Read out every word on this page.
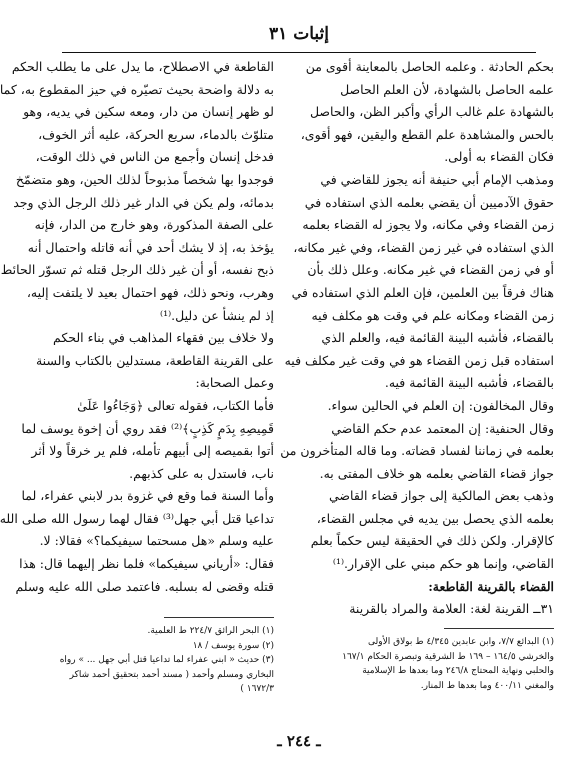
إثبات ٣١
بحكم الحادثة . وعلمه الحاصل بالمعاينة أقوى من
علمه الحاصل بالشهادة، لأن العلم الحاصل
بالشهادة علم غالب الرأي وأكبر الظن، والحاصل
بالحس والمشاهدة علم القطع واليقين، فهو أقوى،
فكان القضاء به أولى.
ومذهب الإمام أبي حنيفة أنه يجوز للقاضي في
حقوق الآدميين أن يقضي بعلمه الذي استفاده في
زمن القضاء وفي مكانه، ولا يجوز له القضاء بعلمه
الذي استفاده في غير زمن القضاء، وفي غير مكانه،
أو في زمن القضاء في غير مكانه. وعلل ذلك بأن
هناك فرقاً بين العلمين، فإن العلم الذي استفاده في
زمن القضاء ومكانه علم في وقت هو مكلف فيه
بالقضاء، فأشبه البينة القائمة فيه، والعلم الذي
استفاده قبل زمن القضاء هو في وقت غير مكلف فيه
بالقضاء، فأشبه البينة القائمة فيه.
وقال المخالفون: إن العلم في الحالين سواء.
وقال الحنفية: إن المعتمد عدم حكم القاضي
بعلمه في زماننا لفساد قضاته. وما قاله المتأخرون من
جواز قضاء القاضي بعلمه هو خلاف المفتى به.
وذهب بعض المالكية إلى جواز قضاء القاضي
بعلمه الذي يحصل بين يديه في مجلس القضاء،
كالإقرار. ولكن ذلك في الحقيقة ليس حكماً بعلم
القاضي، وإنما هو حكم مبني على الإقرار.⁽¹⁾
القضاء بالقرينة القاطعة:
٣١ــ القرينة لغة: العلامة والمراد بالقرينة
(١) البدائع ٧/٧، وابن عابدين ٤/٣٤٥ ط بولاق الأولى
والخرشي ١٦٤/٥ – ١٦٩ ط الشرقية وتبصرة الحكام ١٦٧/١
والحلبي ونهاية المحتاج ٢٤٦/٨ وما بعدها ط الإسلامية
والمغني ٤٠٠/١١ وما بعدها ط المنار.
القاطعة في الاصطلاح، ما يدل على ما يطلب الحكم
به دلالة واضحة بحيث تصيّره في حيز المقطوع به، كما
لو ظهر إنسان من دار، ومعه سكين في يديه، وهو
متلوّث بالدماء، سريع الحركة، عليه أثر الخوف،
فدخل إنسان وأجمع من الناس في ذلك الوقت،
فوجدوا بها شخصاً مذبوحاً لذلك الحين، وهو متضمّخ
بدمائه، ولم يكن في الدار غير ذلك الرجل الذي وجد
على الصفة المذكورة، وهو خارج من الدار، فإنه
يؤخذ به، إذ لا يشك أحد في أنه قاتله واحتمال أنه
ذبح نفسه، أو أن غير ذلك الرجل قتله ثم تسوّر الحائط
وهرب، ونحو ذلك، فهو احتمال بعيد لا يلتفت إليه،
إذ لم ينشأ عن دليل.⁽¹⁾
ولا خلاف بين فقهاء المذاهب في بناء الحكم
على القرينة القاطعة، مستدلين بالكتاب والسنة
وعمل الصحابة:
فأما الكتاب، فقوله تعالى ﴿وَجَاءُوا عَلَىٰ
قَمِيصِهِ بِدَمٍ كَذِبٍ﴾⁽²⁾ فقد روي أن إخوة يوسف لما
أتوا بقميصه إلى أبيهم تأمله، فلم ير خرقاً ولا أثر
ناب، فاستدل به على كذبهم.
وأما السنة فما وقع في غزوة بدر لابني عفراء، لما
تداعيا قتل أبي جهل⁽³⁾ فقال لهما رسول الله صلى الله
عليه وسلم «هل مسحتما سيفيكما؟» فقالا: لا.
فقال: «أرياني سيفيكما» فلما نظر إليهما قال: هذا
قتله وقضى له بسلبه. فاعتمد صلى الله عليه وسلم
(١) البحر الرائق ٢٢٤/٧ ط العلمية.
(٢) سورة يوسف / ١٨
(٣) حديث « ابني عفراء لما تداعيا قتل أبي جهل ... » رواه
البخاري ومسلم وأحمد ( مسند أحمد بتحقيق أحمد شاكر
١٦٧٢/٣ )
ـ ٢٤٤ ـ
